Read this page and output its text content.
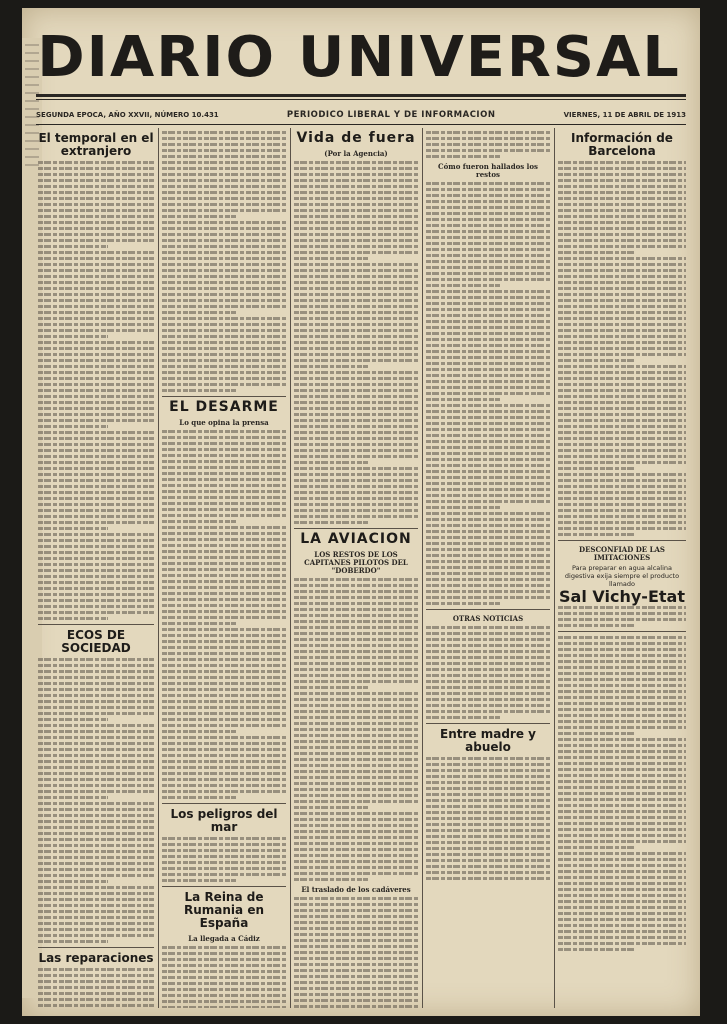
DIARIO UNIVERSAL
SEGUNDA EPOCA, AÑO XXVII, NÚMERO 10.431	PERIODICO LIBERAL Y DE INFORMACION	VIERNES, 11 DE ABRIL DE 1913
El temporal en el extranjero
ECOS DE SOCIEDAD
Las reparaciones
EL DESARME
Lo que opina la prensa
Los peligros del mar
La Reina de Rumania en España
La llegada a Cádiz
Vida de fuera
(Por la Agencia)
LA AVIACION
LOS RESTOS DE LOS CAPITANES PILOTOS DEL "DOBERDO"
El traslado de los cadáveres
Cómo fueron hallados los restos
OTRAS NOTICIAS
Entre madre y abuelo
Información de Barcelona
DESCONFIAD DE LAS IMITACIONES
Para preparar en agua alcalina digestiva exija siempre el producto llamado
Sal Vichy-Etat
